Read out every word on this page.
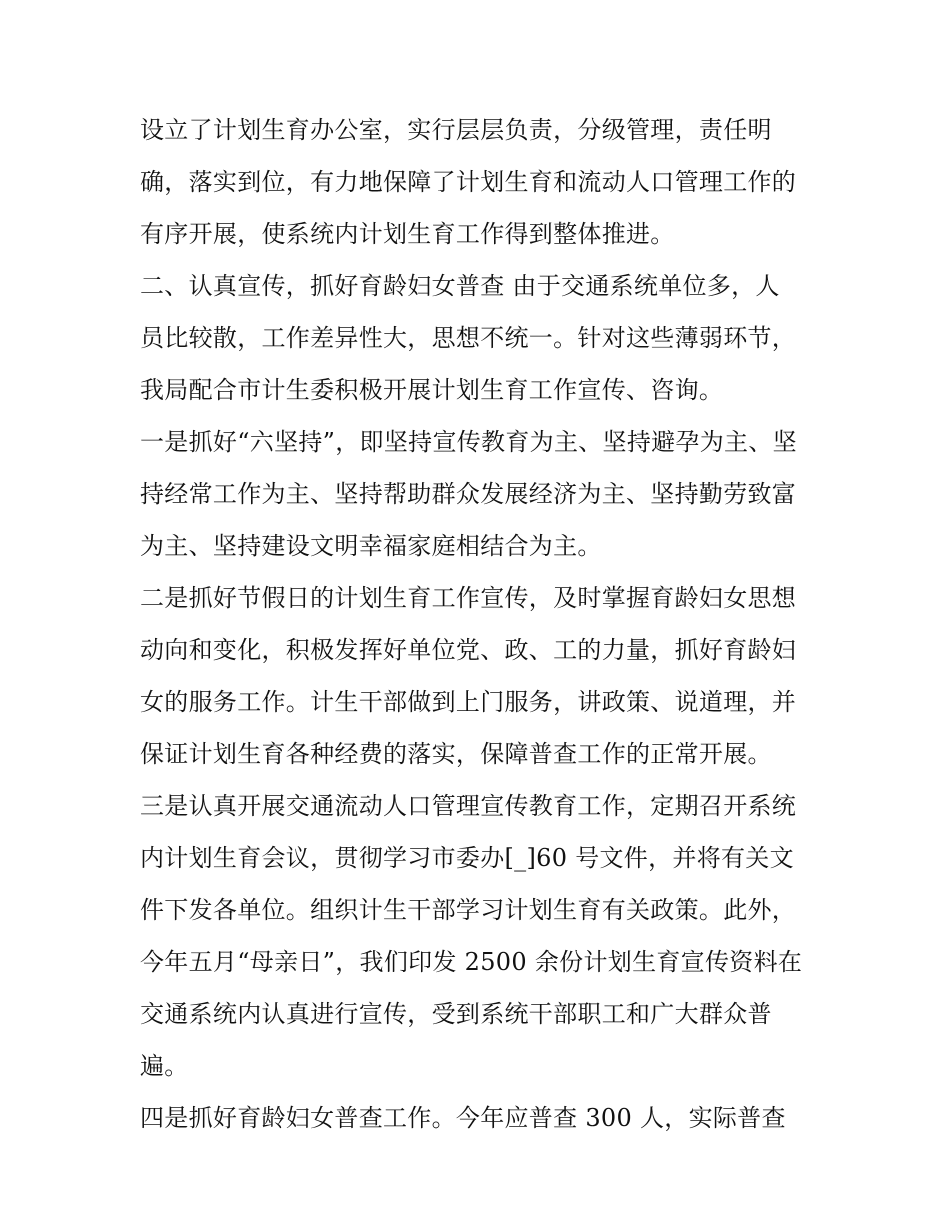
设立了计划生育办公室，实行层层负责，分级管理，责任明
确，落实到位，有力地保障了计划生育和流动人口管理工作的
有序开展，使系统内计划生育工作得到整体推进。

二、认真宣传，抓好育龄妇女普查 由于交通系统单位多，人
员比较散，工作差异性大，思想不统一。针对这些薄弱环节，
我局配合市计生委积极开展计划生育工作宣传、咨询。

一是抓好“六坚持”，即坚持宣传教育为主、坚持避孕为主、坚
持经常工作为主、坚持帮助群众发展经济为主、坚持勤劳致富
为主、坚持建设文明幸福家庭相结合为主。

二是抓好节假日的计划生育工作宣传，及时掌握育龄妇女思想
动向和变化，积极发挥好单位党、政、工的力量，抓好育龄妇
女的服务工作。计生干部做到上门服务，讲政策、说道理，并
保证计划生育各种经费的落实，保障普查工作的正常开展。

三是认真开展交通流动人口管理宣传教育工作，定期召开系统
内计划生育会议，贯彻学习市委办[_]60 号文件，并将有关文
件下发各单位。组织计生干部学习计划生育有关政策。此外，
今年五月“母亲日”，我们印发 2500 余份计划生育宣传资料在
交通系统内认真进行宣传，受到系统干部职工和广大群众普
遍。

四是抓好育龄妇女普查工作。今年应普查 300 人，实际普查
